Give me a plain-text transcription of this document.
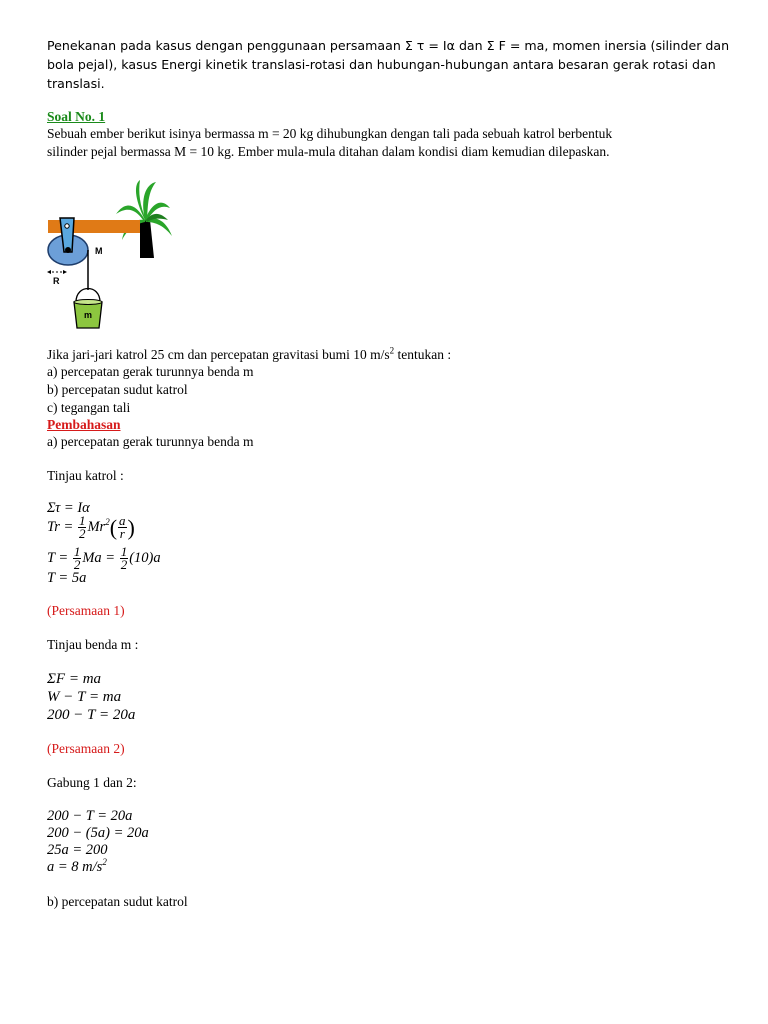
Penekanan pada kasus dengan penggunaan persamaan Σ τ = Iα dan Σ F = ma, momen inersia (silinder dan
bola pejal), kasus Energi kinetik translasi-rotasi dan hubungan-hubungan antara besaran gerak rotasi dan
translasi.
Soal No. 1
Sebuah ember berikut isinya bermassa m = 20 kg dihubungkan dengan tali pada sebuah katrol berbentuk
silinder pejal bermassa M = 10 kg. Ember mula-mula ditahan dalam kondisi diam kemudian dilepaskan.
M
R
m
Jika jari-jari katrol 25 cm dan percepatan gravitasi bumi 10 $m/s^2$ tentukan :
a) percepatan gerak turunnya benda m
b) percepatan sudut katrol
c) tegangan tali
Pembahasan
a) percepatan gerak turunnya benda m
Tinjau katrol :
Στ = Iα
$Tr = \frac{1}{2} Mr^2( \frac{a}{r}$ )
$T = \frac{1}{2}$ $Ma = \frac{1}{2} (10)a$
T = 5a
(Persamaan 1)
Tinjau benda m :
ΣF = ma
W − T = ma
200 − T = 20a
(Persamaan 2)
Gabung 1 dan 2:
200 − T = 20a
200 − (5a) = 20a
25a = 200
a = 8 $m/s^2$
b) percepatan sudut katrol
